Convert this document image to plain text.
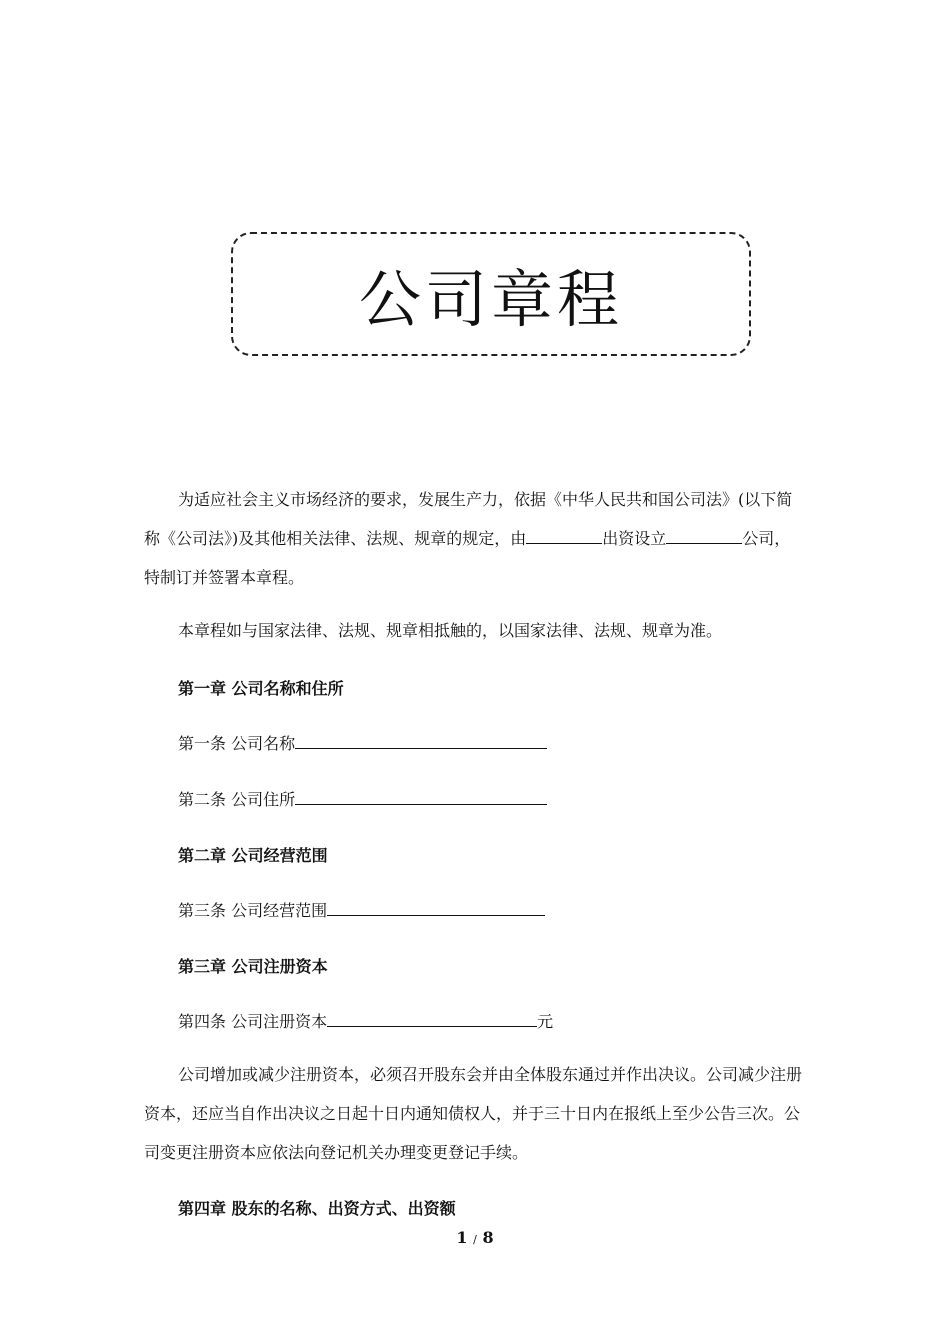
公司章程

为适应社会主义市场经济的要求，发展生产力，依据《中华人民共和国公司法》(以下简称《公司法》)及其他相关法律、法规、规章的规定，由	出资设立	公司，特制订并签署本章程。

本章程如与国家法律、法规、规章相抵触的，以国家法律、法规、规章为准。

第一章 公司名称和住所

第一条 公司名称

第二条 公司住所

第二章 公司经营范围

第三条 公司经营范围

第三章 公司注册资本

第四条 公司注册资本	元

公司增加或减少注册资本，必须召开股东会并由全体股东通过并作出决议。公司减少注册资本，还应当自作出决议之日起十日内通知债权人，并于三十日内在报纸上至少公告三次。公司变更注册资本应依法向登记机关办理变更登记手续。

第四章 股东的名称、出资方式、出资额

1 / 8
